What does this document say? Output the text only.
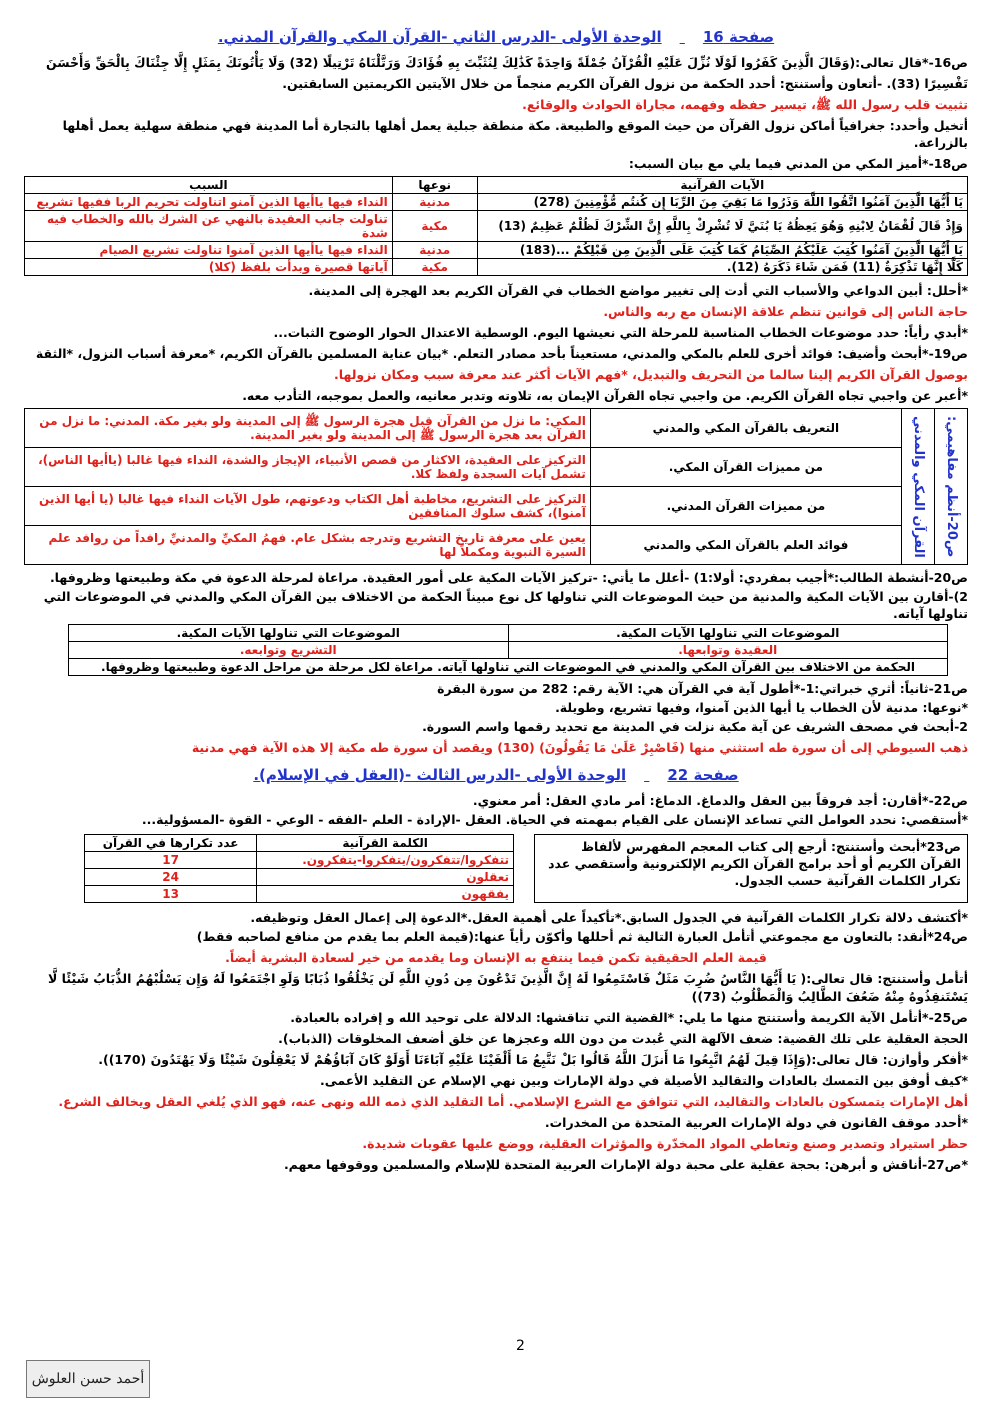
صفحة 16 الوحدة الأولى -الدرس الثاني -القرآن المكي والقرآن المدني.

ص16-*قال تعالى:(وَقَالَ الَّذِينَ كَفَرُوا لَوْلَا نُزِّلَ عَلَيْهِ الْقُرْآنُ جُمْلَةً وَاحِدَةً كَذَٰلِكَ لِنُثَبِّتَ بِهِ فُؤَادَكَ وَرَتَّلْنَاهُ تَرْتِيلًا (32) وَلَا يَأْتُونَكَ بِمَثَلٍ إِلَّا جِئْنَاكَ بِالْحَقِّ وَأَحْسَنَ

تَفْسِيرًا (33). -أتعاون وأستنتج: أحدد الحكمة من نزول القرآن الكريم منجماً من خلال الآيتين الكريمتين السابقتين.

تثبيت قلب رسول الله ﷺ، تيسير حفظه وفهمه، مجاراة الحوادث والوقائع.

أتخيل وأحدد: جغرافياً أماكن نزول القرآن من حيث الموقع والطبيعة. مكة منطقة جبلية يعمل أهلها بالتجارة أما المدينة فهي منطقة سهلية يعمل أهلها بالزراعة.

ص18-*أميز المكي من المدني فيما يلي مع بيان السبب:

الآيات القرآنية	نوعها	السبب
يَا أَيُّهَا الَّذِينَ آمَنُوا اتَّقُوا اللَّهَ وَذَرُوا مَا بَقِيَ مِنَ الرِّبَا إِن كُنتُم مُّؤْمِنِينَ (278)	مدنية	النداء فيها ياأيها الذين آمنو اتناولت تحريم الربا ففيها تشريع
وَإِذْ قَالَ لُقْمَانُ لِابْنِهِ وَهُوَ يَعِظُهُ يَا بُنَيَّ لَا تُشْرِكْ بِاللَّهِ إِنَّ الشِّرْكَ لَظُلْمٌ عَظِيمٌ (13)	مكية	تناولت جانب العقيدة بالنهي عن الشرك بالله والخطاب فيه شدة
يَا أَيُّهَا الَّذِينَ آمَنُوا كُتِبَ عَلَيْكُمُ الصِّيَامُ كَمَا كُتِبَ عَلَى الَّذِينَ مِن قَبْلِكُمْ ...(183)	مدنية	النداء فيها ياأيها الذين آمنوا تناولت تشريع الصيام
كَلَّا إِنَّهَا تَذْكِرَةٌ (11) فَمَن شَاءَ ذَكَرَهُ (12).	مكية	آياتها قصيرة وبدأت بلفظ (كلا)

*أحلل: أبين الدواعي والأسباب التي أدت إلى تغيير مواضع الخطاب في القرآن الكريم بعد الهجرة إلى المدينة.

حاجة الناس إلى قوانين تنظم علاقة الإنسان مع ربه والناس.

*أبدي رأياً: حدد موضوعات الخطاب المناسبة للمرحلة التي نعيشها اليوم. الوسطية الاعتدال الحوار الوضوح الثبات...

ص19-*أبحث وأضيف: فوائد أخرى للعلم بالمكي والمدني، مستعيناً بأحد مصادر التعلم. *بيان عناية المسلمين بالقرآن الكريم، *معرفة أسباب النزول، *الثقة

بوصول القرآن الكريم إلينا سالما من التحريف والتبديل، *فهم الآيات أكثر عند معرفة سبب ومكان نزولها.

*أعبر عن واجبي تجاه القرآن الكريم. من واجبي تجاه القرآن الإيمان به، تلاوته وتدبر معانيه، والعمل بموجبه، التأدب معه.

ص20-أنظم مفاهيمي:	القرآن المكي والمدني	التعريف بالقرآن المكي والمدني	المكي: ما نزل من القرآن قبل هجرة الرسول ﷺ إلى المدينة ولو بغير مكة. المدني: ما نزل من القرآن بعد هجرة الرسول ﷺ إلى المدينة ولو بغير المدينة.
		من مميزات القرآن المكي.	التركيز على العقيدة، الاكثار من قصص الأنبياء، الإيجاز والشدة، النداء فيها غالبا (ياأيها الناس)، تشمل آيات السجدة ولفظ كلا.
		من مميزات القرآن المدني.	التركيز على التشريع، مخاطبة أهل الكتاب ودعوتهم، طول الآيات النداء فيها غالبا (يا أيها الذين آمنوا)، كشف سلوك المنافقين
		فوائد العلم بالقرآن المكي والمدني	يعين على معرفة تاريخ التشريع وتدرجه بشكل عام. فهمُ المكيِّ والمدنيِّ رافداً من روافد علم السيرة النبوية ومكملاً لها

ص20-أنشطة الطالب:*أجيب بمفردي: أولا:1) -أعلل ما يأتي: -تركيز الآيات المكية على أمور العقيدة. مراعاة لمرحلة الدعوة في مكة وطبيعتها وظروفها.

2)-أقارن بين الآيات المكية والمدنية من حيث الموضوعات التي تناولها كل نوع مبيناً الحكمة من الاختلاف بين القرآن المكي والمدني في الموضوعات التي تناولها آياته.

الموضوعات التي تناولها الآيات المكية.	الموضوعات التي تناولها الآيات المكية.
العقيدة وتوابعها.	التشريع وتوابعه.
الحكمة من الاختلاف بين القرآن المكي والمدني في الموضوعات التي تناولها آياته. مراعاة لكل مرحلة من مراحل الدعوة وطبيعتها وظروفها.	

ص21-ثانياً: أثري خبراتي:1-*أطول آية في القرآن هي: الآية رقم: 282 من سورة البقرة

*نوعها: مدنية لأن الخطاب يا أيها الذين آمنوا، وفيها تشريع، وطويلة.

2-أبحث في مصحف الشريف عن آية مكية نزلت في المدينة مع تحديد رقمها واسم السورة.

ذهب السيوطي إلى أن سورة طه استثني منها (فَاصْبِرْ عَلَىٰ مَا يَقُولُونَ) (130) ويقصد أن سورة طه مكية إلا هذه الآية فهي مدنية

صفحة 22 الوحدة الأولى -الدرس الثالث -(العقل في الإسلام).

ص22-*أقارن: أجد فروقاً بين العقل والدماغ. الدماغ: أمر مادي العقل: أمر معنوي.

*أستقصي: نحدد العوامل التي تساعد الإنسان على القيام بمهمته في الحياة. العقل -الإرادة - العلم -الفقه - الوعي - القوة -المسؤولية...

ص23*أبحث وأستنتج: أرجع إلى كتاب المعجم المفهرس لألفاظ القرآن الكريم أو أحد برامج القرآن الكريم الإلكترونية وأستقصي عدد تكرار الكلمات القرآنية حسب الجدول.
الكلمة القرآنية	عدد تكرارها في القرآن
تتفكروا/تتفكرون/يتفكروا-يتفكرون.	17
تعقلون	24
يفقهون	13

*أكتشف دلالة تكرار الكلمات القرآنية في الجدول السابق.*تأكيداً على أهمية العقل.*الدعوة إلى إعمال العقل وتوظيفه.

ص24*أنقد: بالتعاون مع مجموعتي أتأمل العبارة التالية ثم أحللها وأكوّن رأياً عنها:(قيمة العلم بما يقدم من منافع لصاحبه فقط)

قيمة العلم الحقيقية تكمن فيما ينتفع به الإنسان وما يقدمه من خير لسعادة البشرية أيضاً.

أتأمل وأستنتج: قال تعالى:( يَا أَيُّهَا النَّاسُ ضُرِبَ مَثَلٌ فَاسْتَمِعُوا لَهُ إِنَّ الَّذِينَ تَدْعُونَ مِن دُونِ اللَّهِ لَن يَخْلُقُوا ذُبَابًا وَلَوِ اجْتَمَعُوا لَهُ وَإِن يَسْلُبْهُمُ الذُّبَابُ شَيْئًا لَّا

يَسْتَنقِذُوهُ مِنْهُ ضَعُفَ الطَّالِبُ وَالْمَطْلُوبُ (73))

ص25-*أتأمل الآية الكريمة وأستنتج منها ما يلي: *القضية التي تناقشها: الدلالة على توحيد الله و إفراده بالعبادة.

الحجة العقلية على تلك القضية: ضعف الآلهة التي عُبدت من دون الله وعجزها عن خلق أضعف المخلوقات (الذباب).

*أفكر وأوازن: قال تعالى:(وَإِذَا قِيلَ لَهُمُ اتَّبِعُوا مَا أَنزَلَ اللَّهُ قَالُوا بَلْ نَتَّبِعُ مَا أَلْفَيْنَا عَلَيْهِ آبَاءَنَا أَوَلَوْ كَانَ آبَاؤُهُمْ لَا يَعْقِلُونَ شَيْئًا وَلَا يَهْتَدُونَ (170)).

*كيف أوفق بين التمسك بالعادات والتقاليد الأصيلة في دولة الإمارات وبين نهي الإسلام عن التقليد الأعمى.

أهل الإمارات يتمسكون بالعادات والتقاليد، التي تتوافق مع الشرع الإسلامي. أما التقليد الذي ذمه الله ونهى عنه، فهو الذي يُلغي العقل ويخالف الشرع.

*أحدد موقف القانون في دولة الإمارات العربية المتحدة من المخدرات.

حظر استيراد وتصدير وصنع وتعاطي المواد المخدّرة والمؤثرات العقلية، ووضع عليها عقوبات شديدة.

*ص27-أناقش و أبرهن: بحجة عقلية على محبة دولة الإمارات العربية المتحدة للإسلام والمسلمين ووقوفها معهم.

2
أحمد حسن العلوش
